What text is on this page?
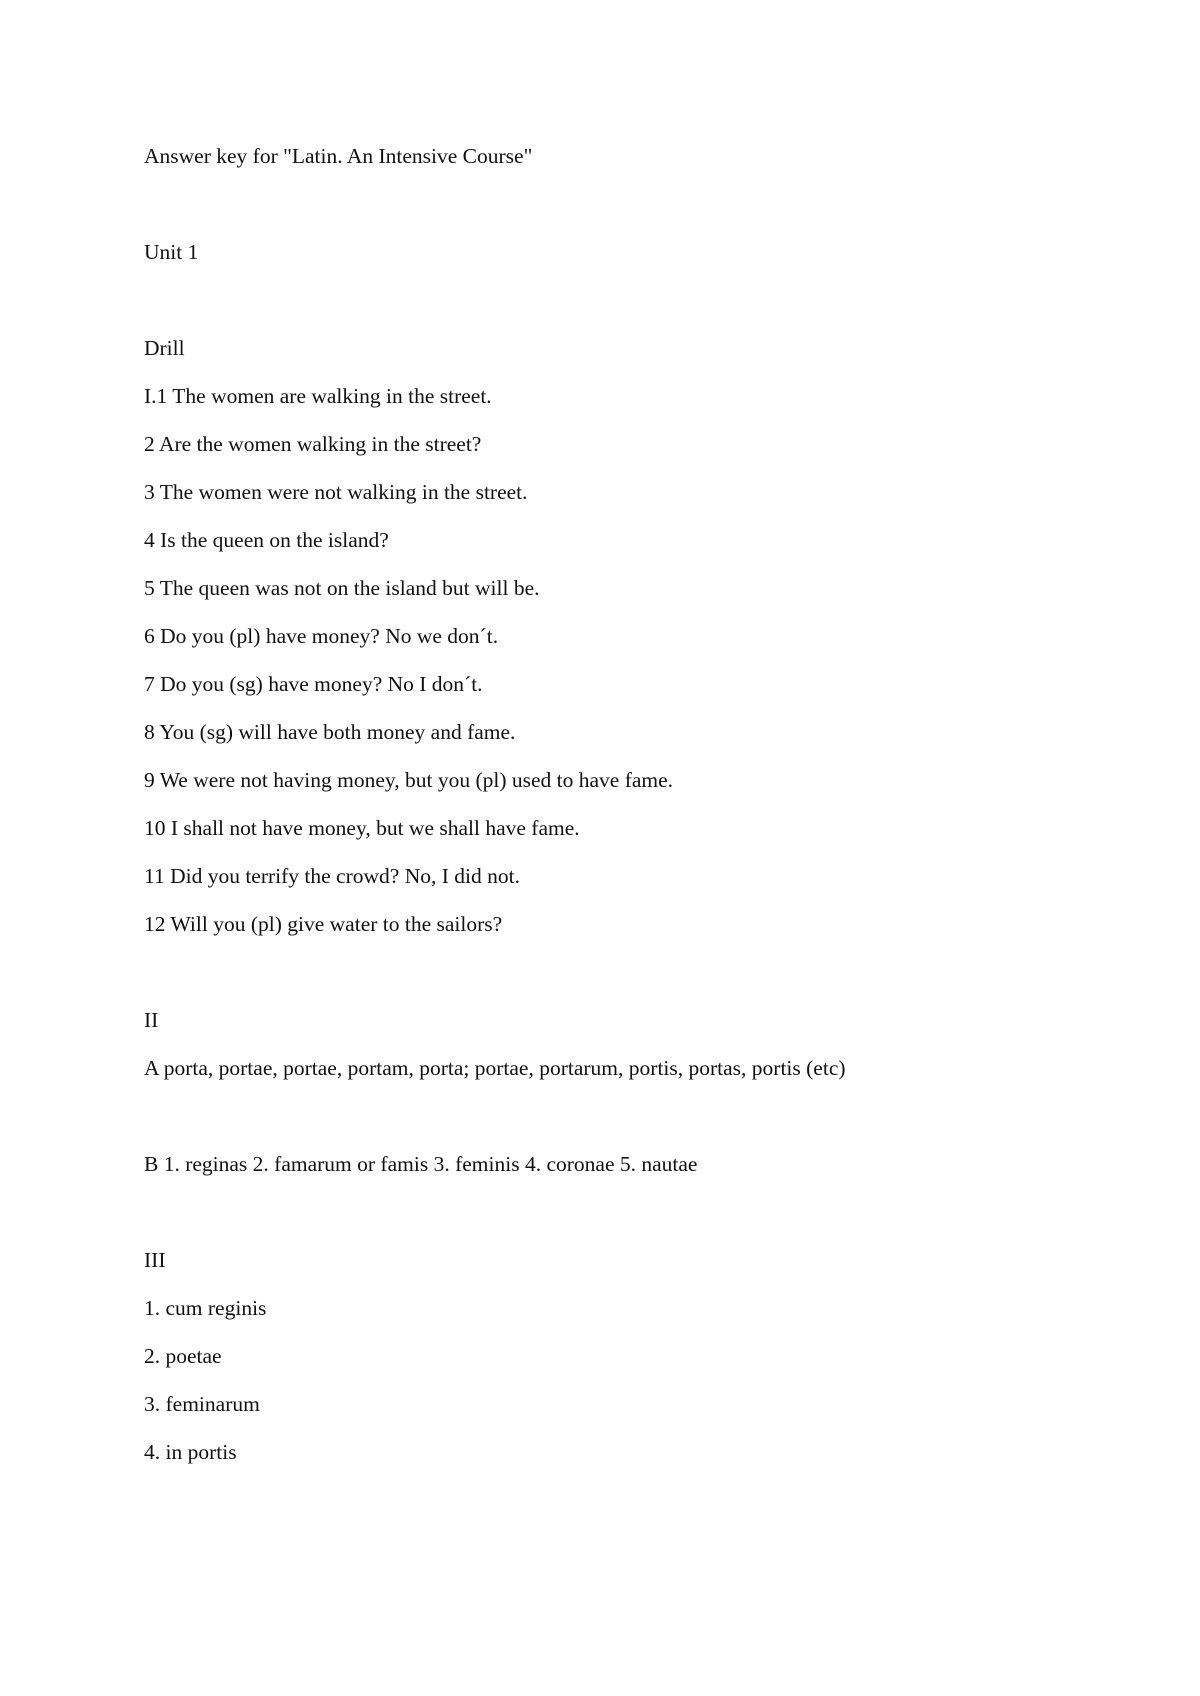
Answer key for "Latin. An Intensive Course"
Unit 1
Drill
I.1 The women are walking in the street.
2 Are the women walking in the street?
3 The women were not walking in the street.
4 Is the queen on the island?
5 The queen was not on the island but will be.
6 Do you (pl) have money? No we don´t.
7 Do you (sg) have money? No I don´t.
8 You (sg) will have both money and fame.
9 We were not having money, but you (pl) used to have fame.
10 I shall not have money, but we shall have fame.
11 Did you terrify the crowd? No, I did not.
12 Will you (pl) give water to the sailors?
II
A porta, portae, portae, portam, porta; portae, portarum, portis, portas, portis (etc)
B 1. reginas 2. famarum or famis 3. feminis 4. coronae 5. nautae
III
1. cum reginis
2. poetae
3. feminarum
4. in portis
